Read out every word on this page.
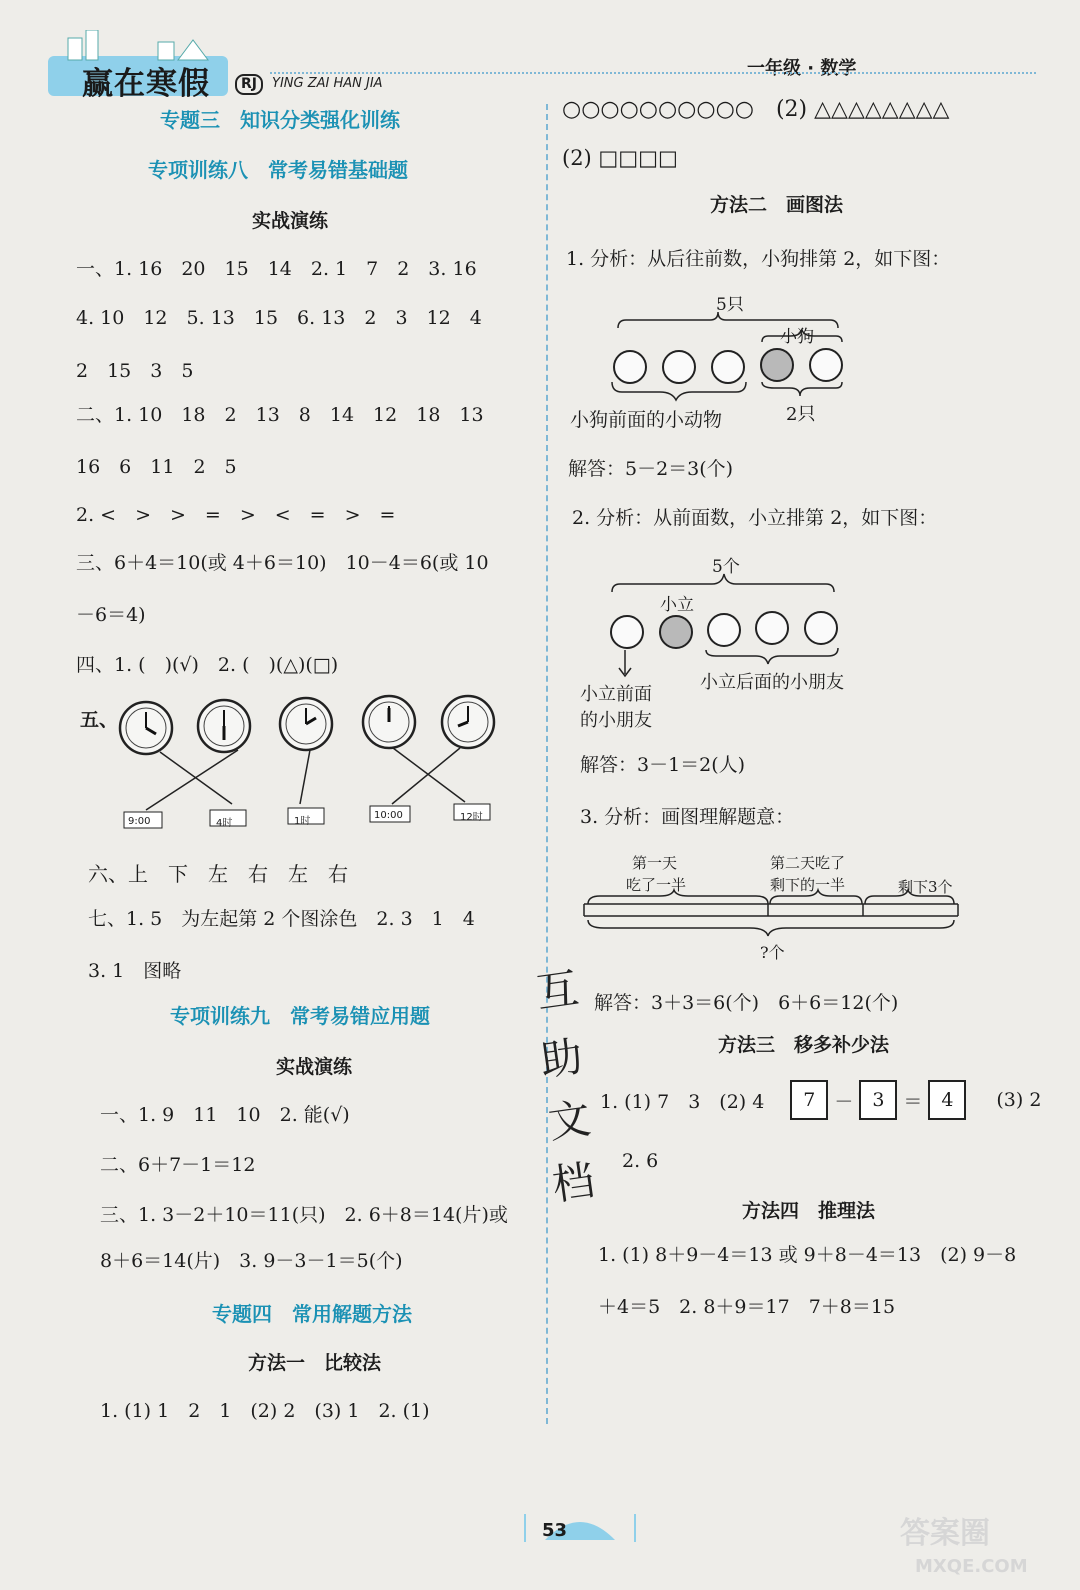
赢在寒假	RJ	YING ZAI HAN JIA
一年级 · 数学
专题三　知识分类强化训练
专项训练八　常考易错基础题
实战演练
一、1. 16　20　15　14　2. 1　7　2　3. 16
4. 10　12　5. 13　15　6. 13　2　3　12　4
2　15　3　5
二、1. 10　18　2　13　8　14　12　18　13
16　6　11　2　5
2. <　>　>　=　>　<　=　>　=
三、6＋4＝10(或 4＋6＝10)　10－4＝6(或 10
－6＝4)
四、1. (　)(√)　2. (　)(△)(□)
五、
9:00	4时	1时
10:00	12时
六、上　下　左　右　左　右
七、1. 5　为左起第 2 个图涂色　2. 3　1　4
3. 1　图略
专项训练九　常考易错应用题
实战演练
一、1. 9　11　10　2. 能(√)
二、6＋7－1＝12
三、1. 3－2＋10＝11(只)　2. 6＋8＝14(片)或
8＋6＝14(片)　3. 9－3－1＝5(个)
专题四　常用解题方法
方法一　比较法
1. (1) 1　2　1　(2) 2　(3) 1　2. (1)
互
助
文
档
○○○○○○○○○○　(2) △△△△△△△△
(2) □□□□
方法二　画图法
1. 分析：从后往前数，小狗排第 2，如下图：
5只
小狗
小狗前面的小动物	2只
解答：5－2＝3(个)
2. 分析：从前面数，小立排第 2，如下图：
5个
小立
小立前面
的小朋友
小立后面的小朋友
解答：3－1＝2(人)
3. 分析：画图理解题意：
第一天
吃了一半
第二天吃了
剩下的一半	剩下3个
?个
解答：3＋3＝6(个)　6＋6＝12(个)
方法三　移多补少法
1. (1) 7　3　(2) 4	7 － 3 ＝ 4	(3) 2
2. 6
方法四　推理法
1. (1) 8＋9－4＝13 或 9＋8－4＝13　(2) 9－8
＋4＝5　2. 8＋9＝17　7＋8＝15
53	答案圈
MXQE.COM
